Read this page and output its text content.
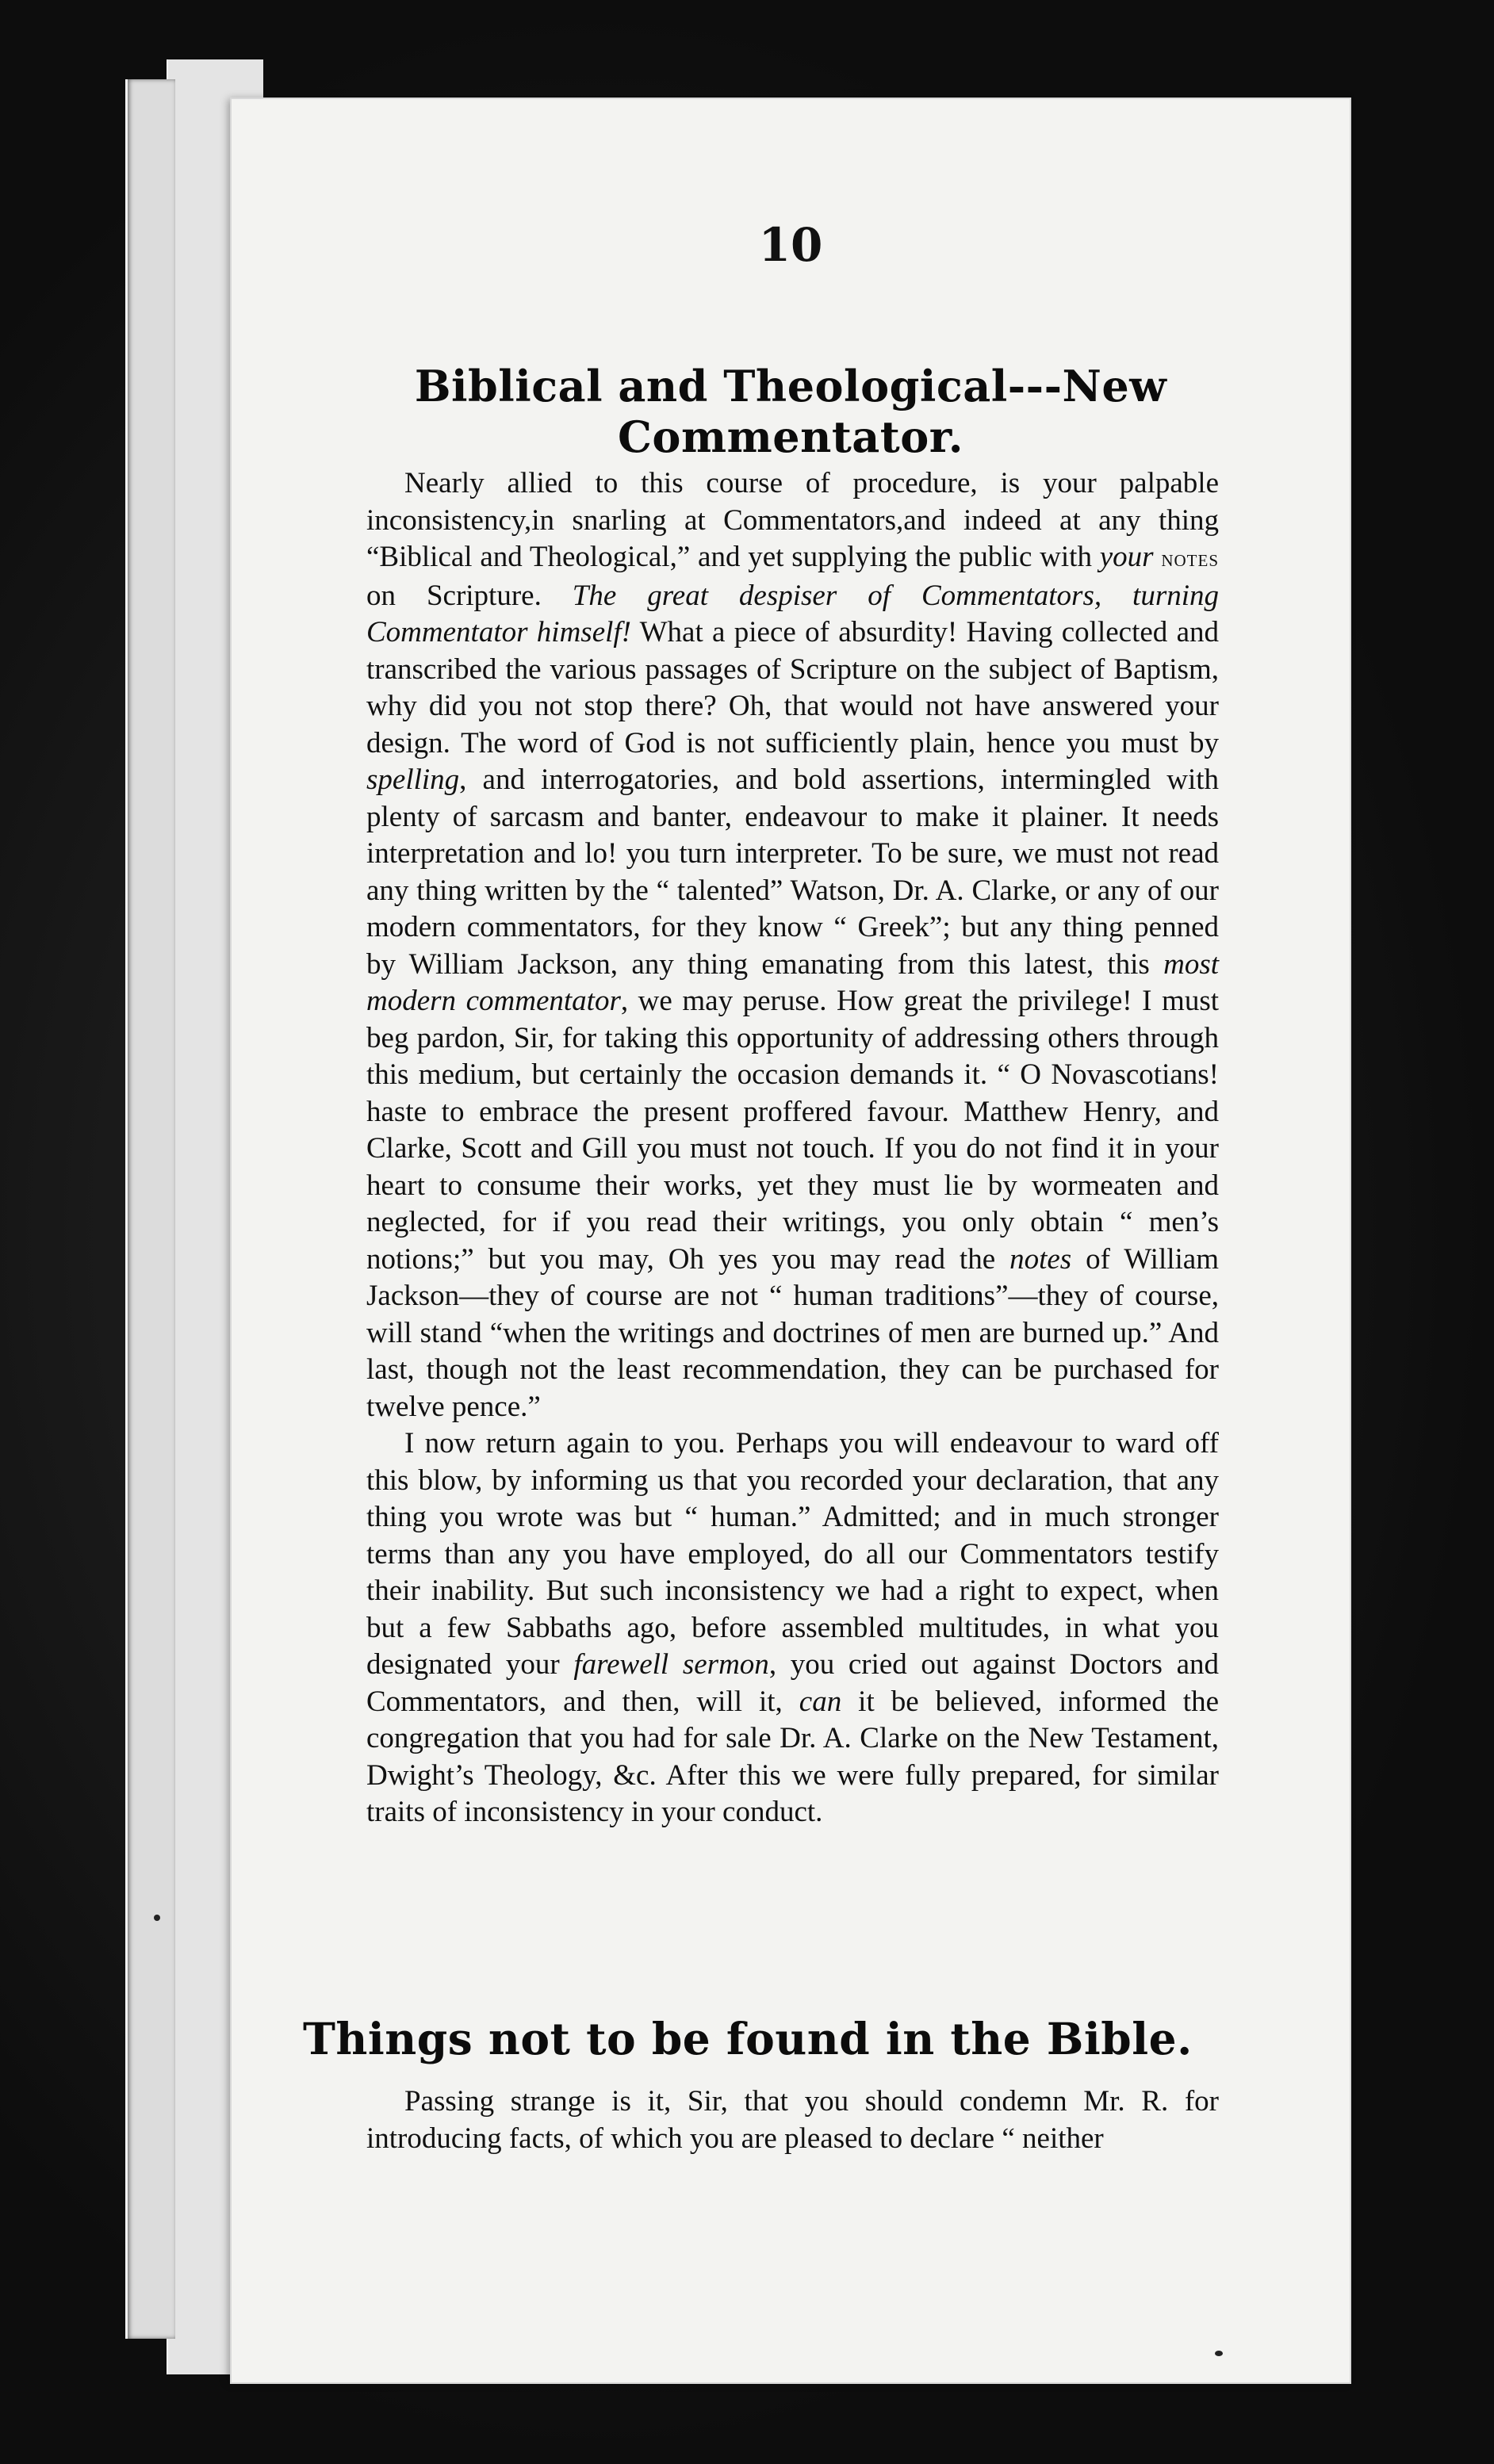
10
Biblical and Theological---New Commentator.

Nearly allied to this course of procedure, is your palpable inconsistency,in snarling at Commentators,and indeed at any thing “Biblical and Theological,” and yet supplying the public with your notes on Scripture. The great despiser of Commentators, turning Commentator himself! What a piece of absurdity! Having collected and transcribed the various passages of Scripture on the subject of Baptism, why did you not stop there? Oh, that would not have answered your design. The word of God is not sufficiently plain, hence you must by spelling, and interrogatories, and bold assertions, intermingled with plenty of sarcasm and banter, endeavour to make it plainer. It needs interpretation and lo! you turn interpreter. To be sure, we must not read any thing written by the “ talented” Watson, Dr. A. Clarke, or any of our modern commentators, for they know “ Greek”; but any thing penned by William Jackson, any thing emanating from this latest, this most modern commentator, we may peruse. How great the privilege! I must beg pardon, Sir, for taking this opportunity of addressing others through this medium, but certainly the occasion demands it. “ O Novascotians! haste to embrace the present proffered favour. Matthew Henry, and Clarke, Scott and Gill you must not touch. If you do not find it in your heart to consume their works, yet they must lie by wormeaten and neglected, for if you read their writings, you only obtain “ men’s notions;” but you may, Oh yes you may read the notes of William Jackson—they of course are not “ human traditions”—they of course, will stand “when the writings and doctrines of men are burned up.” And last, though not the least recommendation, they can be purchased for twelve pence.”

I now return again to you. Perhaps you will endeavour to ward off this blow, by informing us that you recorded your declaration, that any thing you wrote was but “ human.” Admitted; and in much stronger terms than any you have employed, do all our Commentators testify their inability. But such inconsistency we had a right to expect, when but a few Sabbaths ago, before assembled multitudes, in what you designated your farewell sermon, you cried out against Doctors and Commentators, and then, will it, can it be believed, informed the congregation that you had for sale Dr. A. Clarke on the New Testament, Dwight’s Theology, &c. After this we were fully prepared, for similar traits of inconsistency in your conduct.

Things not to be found in the Bible.

Passing strange is it, Sir, that you should condemn Mr. R. for introducing facts, of which you are pleased to declare “ neither
